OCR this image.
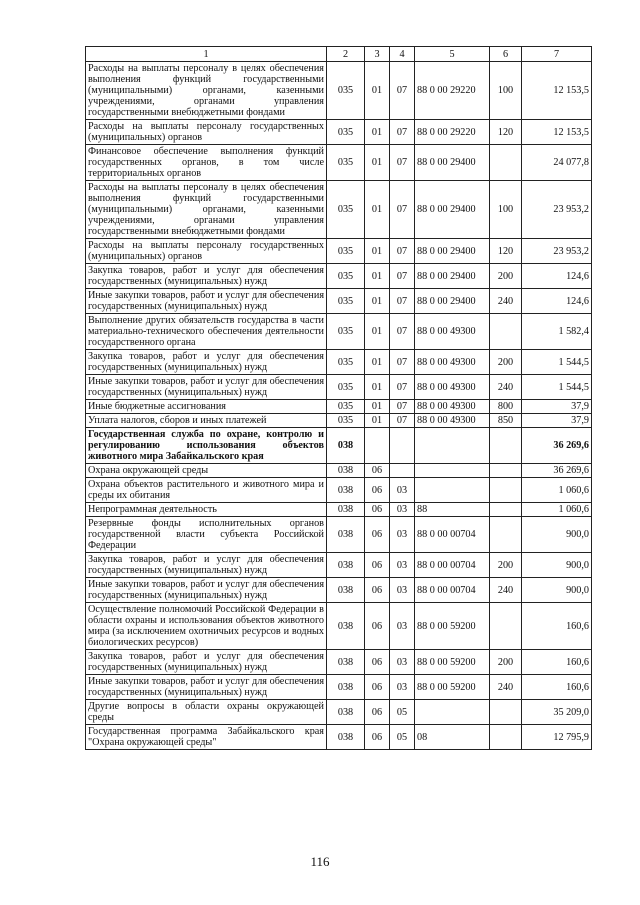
1	2	3	4	5	6	7
Расходы на выплаты персоналу в целях обеспечения выполнения функций государственными (муниципальными) органами, казенными учреждениями, органами управления государственными внебюджетными фондами	035	01	07	88 0 00 29220	100	12 153,5
Расходы на выплаты персоналу государственных (муниципальных) органов	035	01	07	88 0 00 29220	120	12 153,5
Финансовое обеспечение выполнения функций государственных органов, в том числе территориальных органов	035	01	07	88 0 00 29400		24 077,8
Расходы на выплаты персоналу в целях обеспечения выполнения функций государственными (муниципальными) органами, казенными учреждениями, органами управления государственными внебюджетными фондами	035	01	07	88 0 00 29400	100	23 953,2
Расходы на выплаты персоналу государственных (муниципальных) органов	035	01	07	88 0 00 29400	120	23 953,2
Закупка товаров, работ и услуг для обеспечения государственных (муниципальных) нужд	035	01	07	88 0 00 29400	200	124,6
Иные закупки товаров, работ и услуг для обеспечения государственных (муниципальных) нужд	035	01	07	88 0 00 29400	240	124,6
Выполнение других обязательств государства в части материально-технического обеспечения деятельности государственного органа	035	01	07	88 0 00 49300		1 582,4
Закупка товаров, работ и услуг для обеспечения государственных (муниципальных) нужд	035	01	07	88 0 00 49300	200	1 544,5
Иные закупки товаров, работ и услуг для обеспечения государственных (муниципальных) нужд	035	01	07	88 0 00 49300	240	1 544,5
Иные бюджетные ассигнования	035	01	07	88 0 00 49300	800	37,9
Уплата налогов, сборов и иных платежей	035	01	07	88 0 00 49300	850	37,9
Государственная служба по охране, контролю и регулированию использования объектов животного мира Забайкальского края	038					36 269,6
Охрана окружающей среды	038	06				36 269,6
Охрана объектов растительного и животного мира и среды их обитания	038	06	03			1 060,6
Непрограммная деятельность	038	06	03	88		1 060,6
Резервные фонды исполнительных органов государственной власти субъекта Российской Федерации	038	06	03	88 0 00 00704		900,0
Закупка товаров, работ и услуг для обеспечения государственных (муниципальных) нужд	038	06	03	88 0 00 00704	200	900,0
Иные закупки товаров, работ и услуг для обеспечения государственных (муниципальных) нужд	038	06	03	88 0 00 00704	240	900,0
Осуществление полномочий Российской Федерации в области охраны и использования объектов животного мира (за исключением охотничьих ресурсов и водных биологических ресурсов)	038	06	03	88 0 00 59200		160,6
Закупка товаров, работ и услуг для обеспечения государственных (муниципальных) нужд	038	06	03	88 0 00 59200	200	160,6
Иные закупки товаров, работ и услуг для обеспечения государственных (муниципальных) нужд	038	06	03	88 0 00 59200	240	160,6
Другие вопросы в области охраны окружающей среды	038	06	05			35 209,0
Государственная программа Забайкальского края "Охрана окружающей среды"	038	06	05	08		12 795,9
116
